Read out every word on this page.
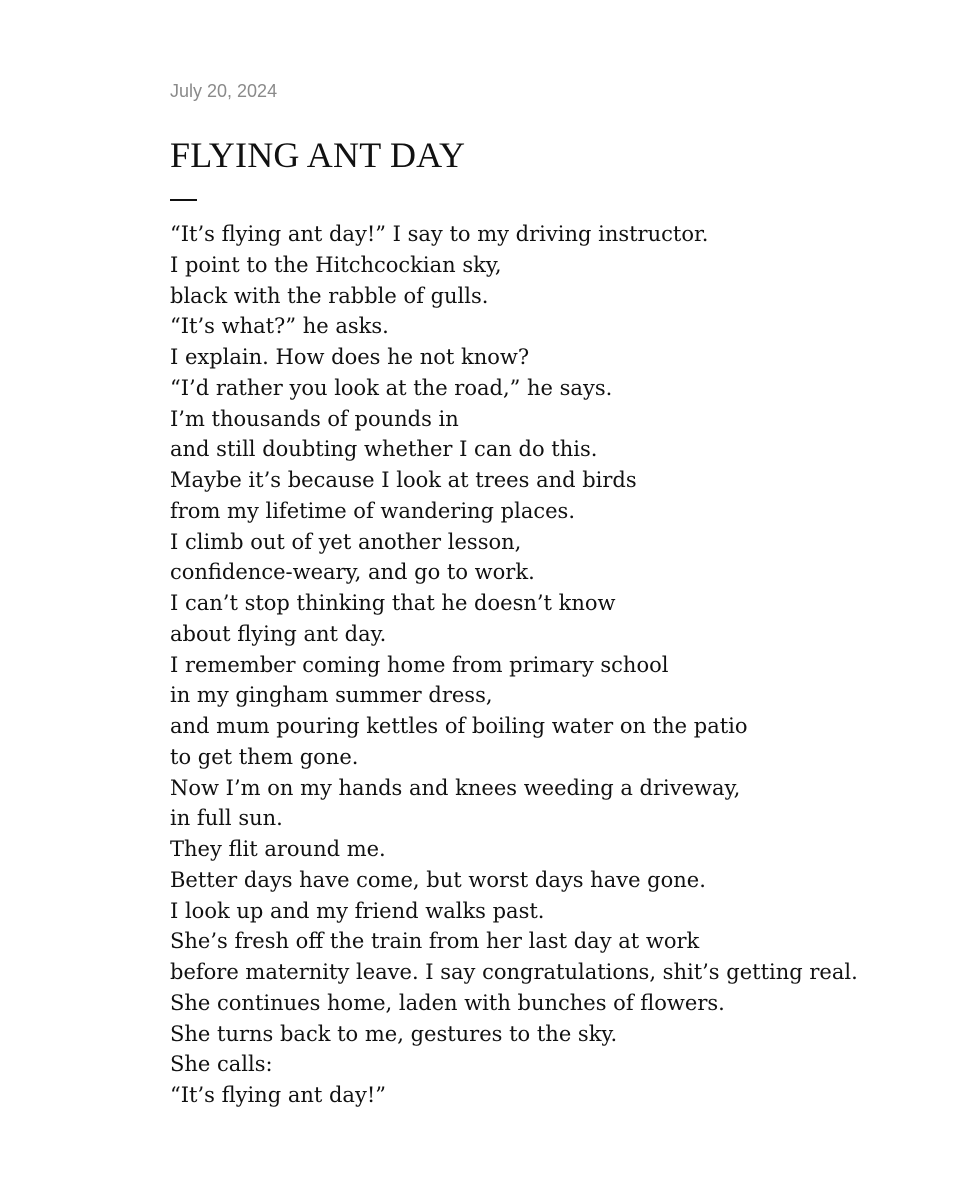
July 20, 2024

FLYING ANT DAY
“It’s flying ant day!” I say to my driving instructor.
I point to the Hitchcockian sky,
black with the rabble of gulls.
“It’s what?” he asks.
I explain. How does he not know?
“I’d rather you look at the road,” he says.
I’m thousands of pounds in
and still doubting whether I can do this.
Maybe it’s because I look at trees and birds
from my lifetime of wandering places.
I climb out of yet another lesson,
confidence-weary, and go to work.
I can’t stop thinking that he doesn’t know
about flying ant day.
I remember coming home from primary school
in my gingham summer dress,
and mum pouring kettles of boiling water on the patio
to get them gone.
Now I’m on my hands and knees weeding a driveway,
in full sun.
They flit around me.
Better days have come, but worst days have gone.
I look up and my friend walks past.
She’s fresh off the train from her last day at work
before maternity leave. I say congratulations, shit’s getting real.
She continues home, laden with bunches of flowers.
She turns back to me, gestures to the sky.
She calls:
“It’s flying ant day!”
